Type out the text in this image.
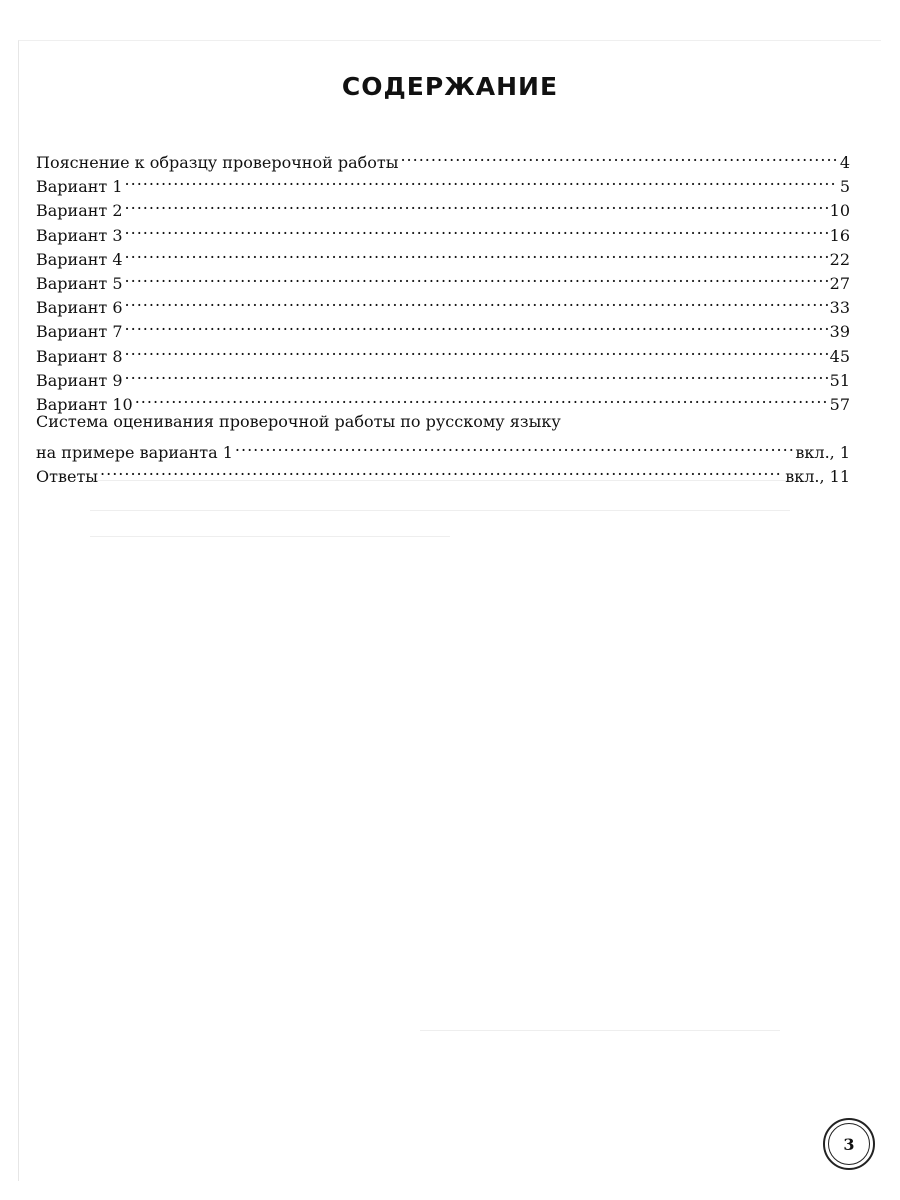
СОДЕРЖАНИЕ
Пояснение к образцу проверочной работы .....	4
Вариант 1 .....	5
Вариант 2 .....	10
Вариант 3 .....	16
Вариант 4 .....	22
Вариант 5 .....	27
Вариант 6 .....	33
Вариант 7 .....	39
Вариант 8 .....	45
Вариант 9 .....	51
Вариант 10 .....	57
Система оценивания проверочной работы по русскому языку
на примере варианта 1 .....	вкл., 1
Ответы .....	вкл., 11
3
